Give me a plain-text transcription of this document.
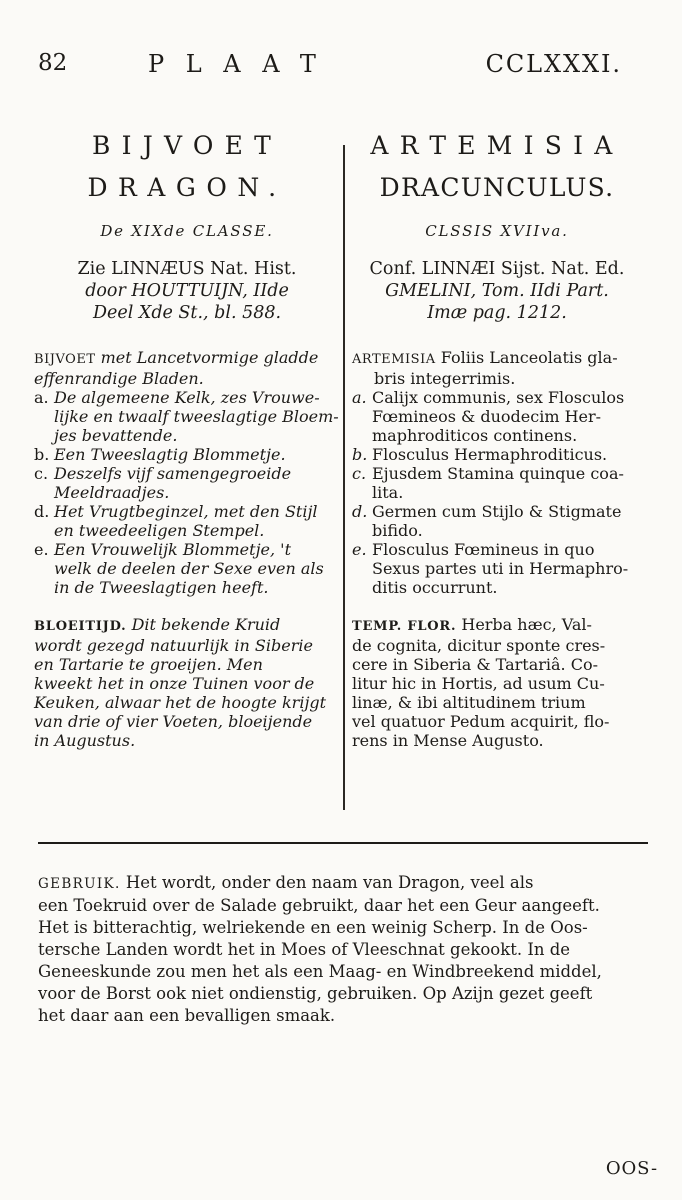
82	PLAAT	CCLXXXI.
BIJVOET
DRAGON.
De XIXde CLASSE.
Zie LINNÆUS Nat. Hist.
door HOUTTUIJN, IIde
Deel Xde St., bl. 588.
BIJVOET met Lancetvormige gladde
effenrandige Bladen.
a. De algemeene Kelk, zes Vrouwe-
lijke en twaalf tweeslagtige Bloem-
jes bevattende.
b. Een Tweeslagtig Blommetje.
c. Deszelfs vijf samengegroeide
Meeldraadjes.
d. Het Vrugtbeginzel, met den Stijl
en tweedeeligen Stempel.
e. Een Vrouwelijk Blommetje, 't
welk de deelen der Sexe even als
in de Tweeslagtigen heeft.
BLOEITIJD. Dit bekende Kruid
wordt gezegd natuurlijk in Siberie
en Tartarie te groeijen. Men
kweekt het in onze Tuinen voor de
Keuken, alwaar het de hoogte krijgt
van drie of vier Voeten, bloeijende
in Augustus.
ARTEMISIA
DRACUNCULUS.
CLSSIS XVIIva.
Conf. LINNÆI Sijst. Nat. Ed.
GMELINI, Tom. IIdi Part.
Imæ pag. 1212.
ARTEMISIA Foliis Lanceolatis gla-
bris integerrimis.
a. Calijx communis, sex Flosculos
Fœmineos & duodecim Her-
maphroditicos continens.
b. Flosculus Hermaphroditicus.
c. Ejusdem Stamina quinque coa-
lita.
d. Germen cum Stijlo & Stigmate
bifido.
e. Flosculus Fœmineus in quo
Sexus partes uti in Hermaphro-
ditis occurrunt.
TEMP. FLOR. Herba hæc, Val-
de cognita, dicitur sponte cres-
cere in Siberia & Tartariâ. Co-
litur hic in Hortis, ad usum Cu-
linæ, & ibi altitudinem trium
vel quatuor Pedum acquirit, flo-
rens in Mense Augusto.
GEBRUIK. Het wordt, onder den naam van Dragon, veel als
een Toekruid over de Salade gebruikt, daar het een Geur aangeeft.
Het is bitterachtig, welriekende en een weinig Scherp. In de Oos-
tersche Landen wordt het in Moes of Vleeschnat gekookt. In de
Geneeskunde zou men het als een Maag- en Windbreekend middel,
voor de Borst ook niet ondienstig, gebruiken. Op Azijn gezet geeft
het daar aan een bevalligen smaak.
OOS-
